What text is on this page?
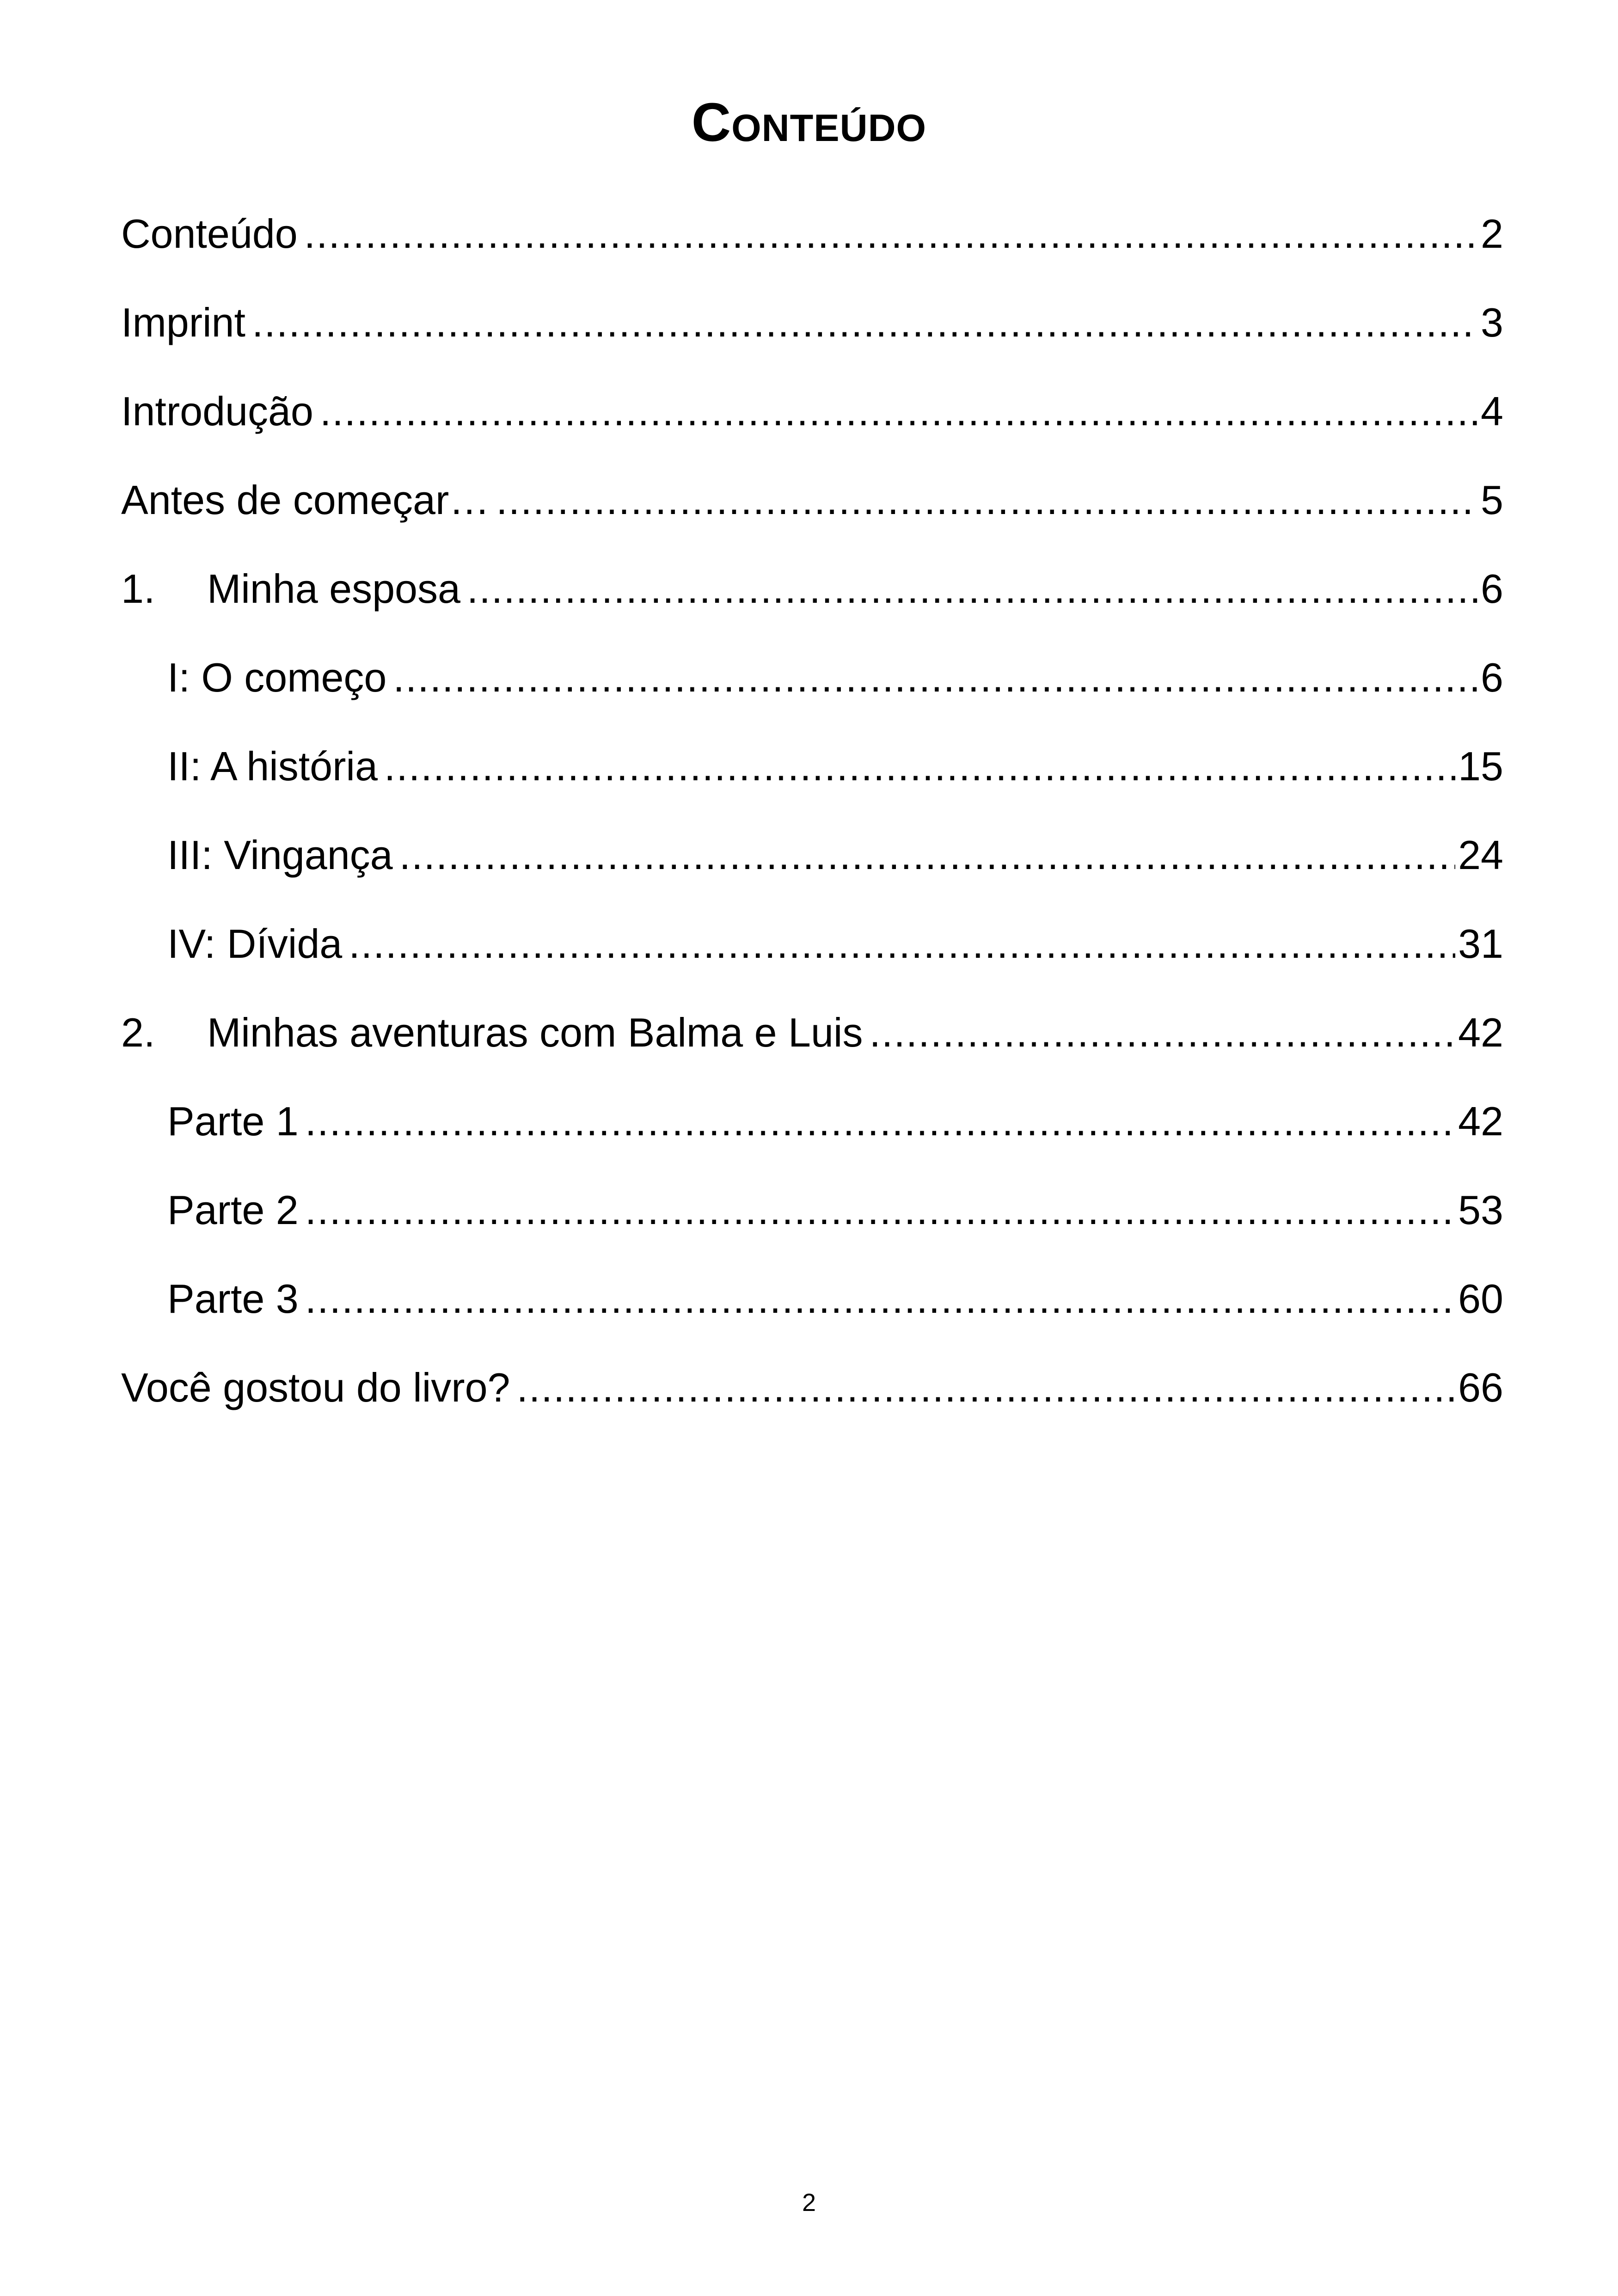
Conteúdo
Conteúdo .....	2
Imprint .....	3
Introdução .....	4
Antes de começar… .....	5
1.	Minha esposa .....	6
I: O começo .....	6
II: A história .....	15
III: Vingança .....	24
IV: Dívida .....	31
2.	Minhas aventuras com Balma e Luis .....	42
Parte 1 .....	42
Parte 2 .....	53
Parte 3 .....	60
Você gostou do livro? .....	66
2
